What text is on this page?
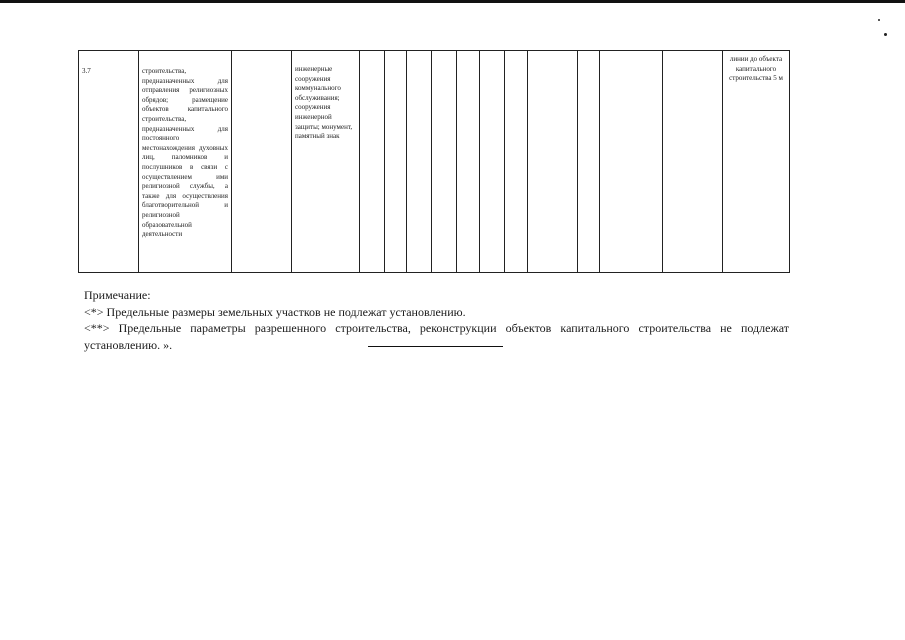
3.7	строительства, предназначенных для отправления религиозных обрядов; размещение объектов капитального строительства, предназначенных для постоянного местонахождения духовных лиц, паломников и послушников в связи с осуществлением ими религиозной службы, а также для осуществления благотворительной и религиозной образовательной деятельности		инженерные сооружения коммунального обслуживания; сооружения инженерной защиты; монумент, памятный знак												линии до объекта капитального строительства 5 м

Примечание:

<*> Предельные размеры земельных участков не подлежат установлению.

<**> Предельные параметры разрешенного строительства, реконструкции объектов капитального строительства не подлежат

установлению. ».
